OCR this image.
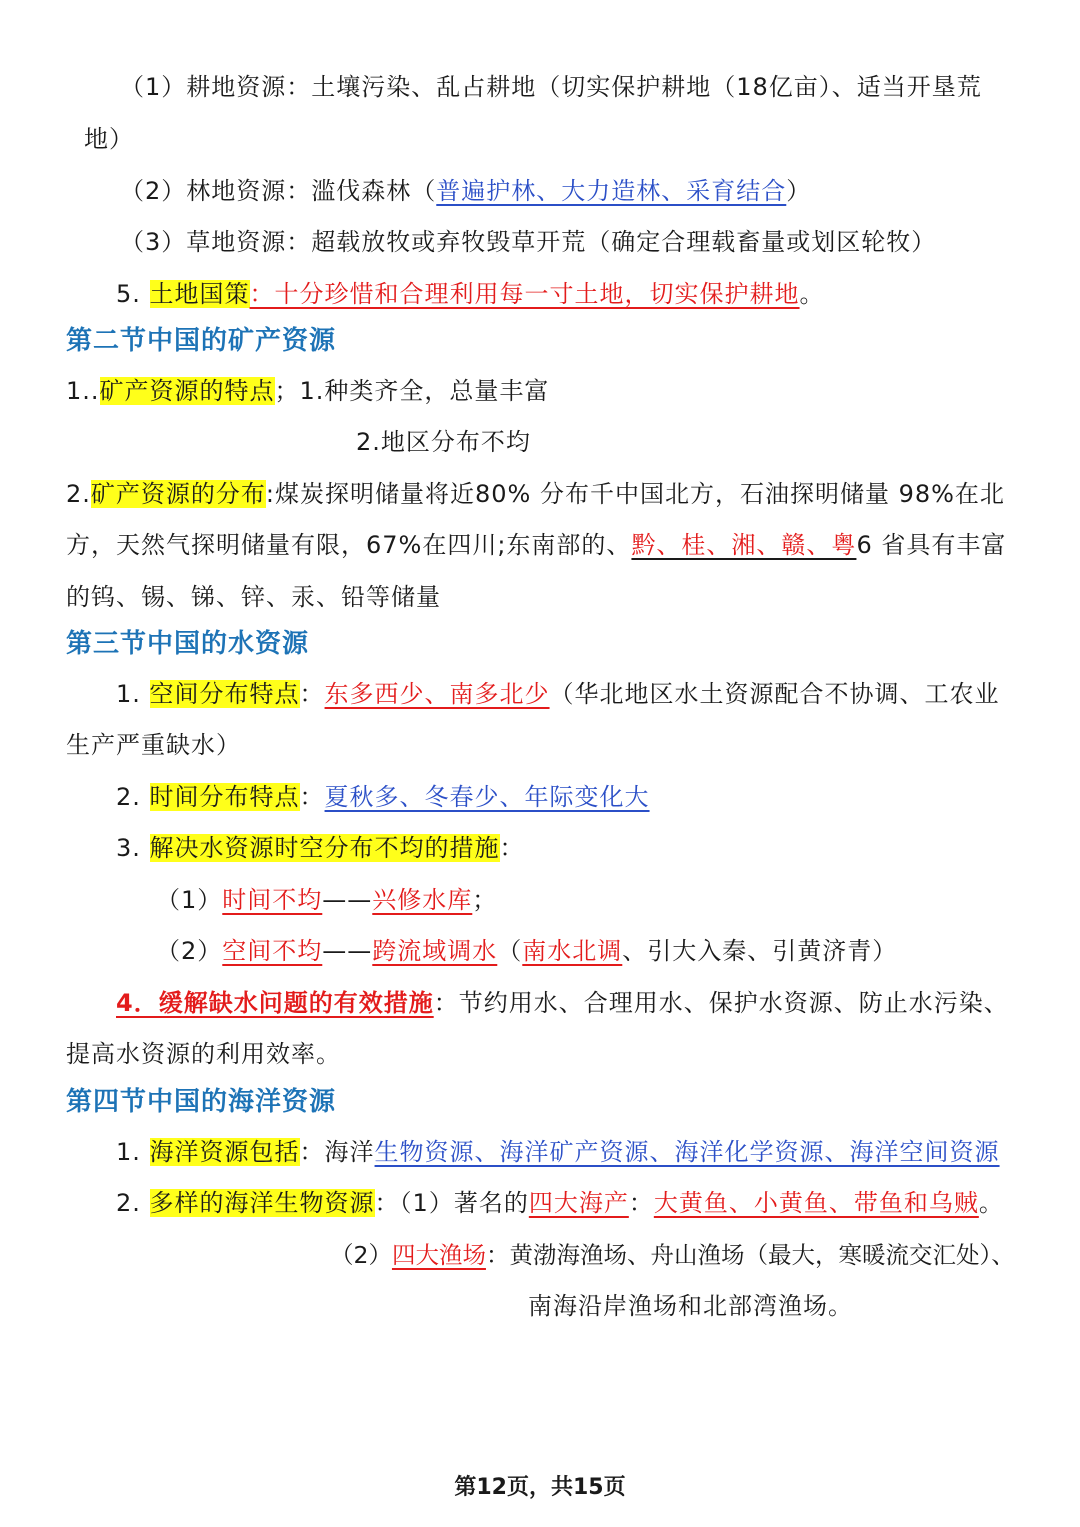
（1）耕地资源：土壤污染、乱占耕地（切实保护耕地（18亿亩）、适当开垦荒
地）
（2）林地资源：滥伐森林（普遍护林、大力造林、采育结合）
（3）草地资源：超载放牧或弃牧毁草开荒（确定合理载畜量或划区轮牧）
5. 土地国策：十分珍惜和合理利用每一寸土地，切实保护耕地。
第二节中国的矿产资源
1..矿产资源的特点；1.种类齐全，总量丰富
2.地区分布不均
2.矿产资源的分布:煤炭探明储量将近80% 分布千中国北方，石油探明储量 98%在北
方，天然气探明储量有限，67%在四川;东南部的、黔、桂、湘、赣、粤6 省具有丰富
的钨、锡、锑、锌、汞、铅等储量
第三节中国的水资源
1. 空间分布特点：东多西少、南多北少（华北地区水土资源配合不协调、工农业
生产严重缺水）
2. 时间分布特点：夏秋多、冬春少、年际变化大
3. 解决水资源时空分布不均的措施：
（1）时间不均——兴修水库；
（2）空间不均——跨流域调水（南水北调、引大入秦、引黄济青）
4．缓解缺水问题的有效措施：节约用水、合理用水、保护水资源、防止水污染、
提高水资源的利用效率。
第四节中国的海洋资源
1. 海洋资源包括：海洋生物资源、海洋矿产资源、海洋化学资源、海洋空间资源
2. 多样的海洋生物资源：（1）著名的四大海产：大黄鱼、小黄鱼、带鱼和乌贼。
（2）四大渔场：黄渤海渔场、舟山渔场（最大，寒暖流交汇处）、
南海沿岸渔场和北部湾渔场。
第12页，共15页
